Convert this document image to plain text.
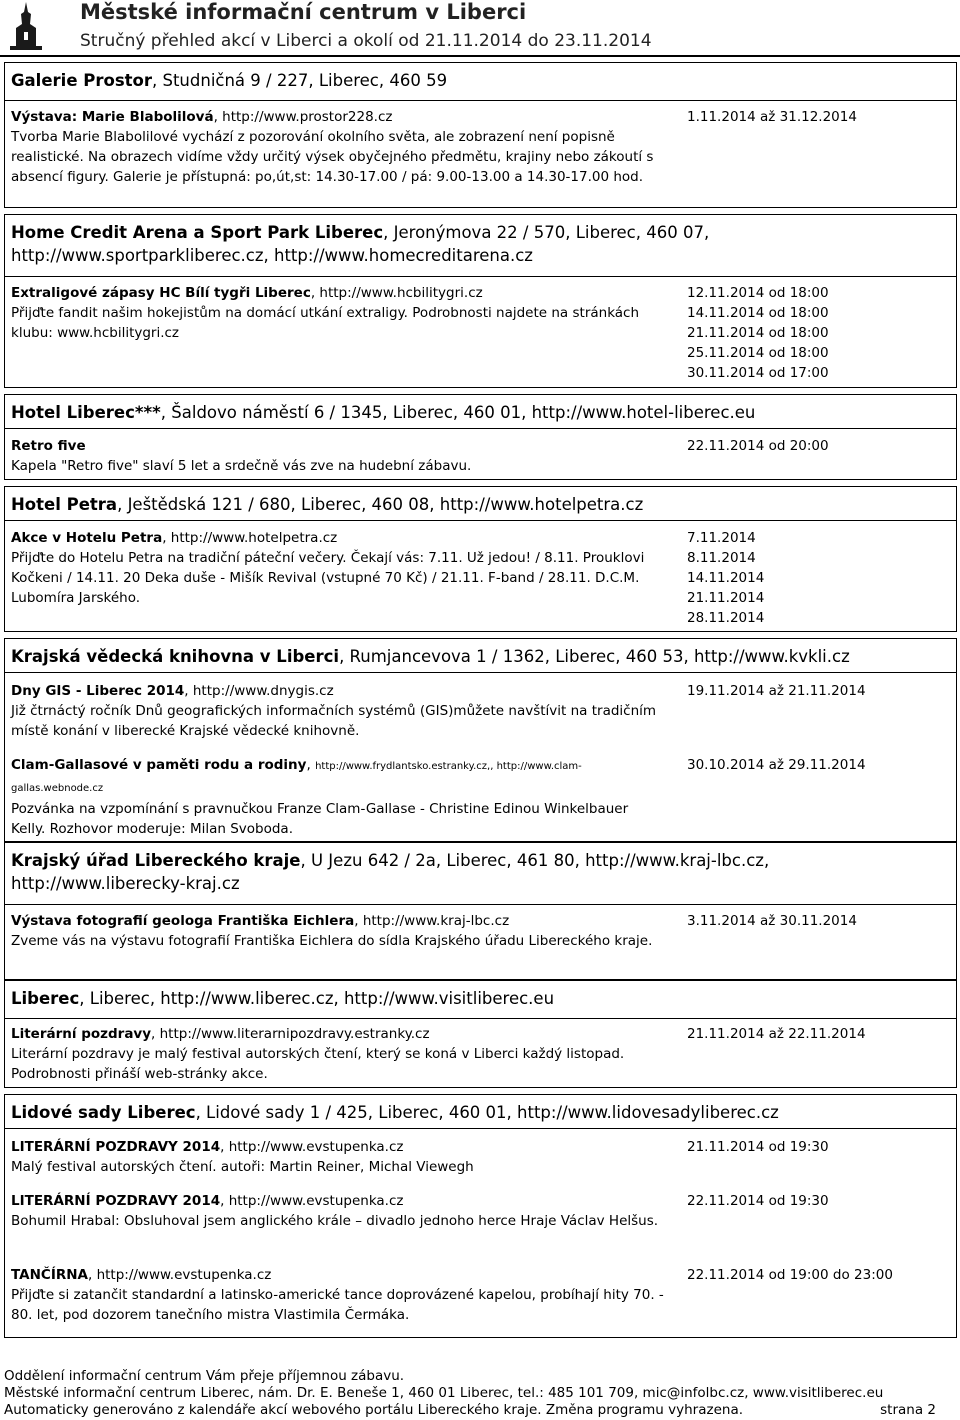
Městské informační centrum v Liberci
Stručný přehled akcí v Liberci a okolí od 21.11.2014 do 23.11.2014
Galerie Prostor, Studničná 9 / 227, Liberec, 460 59
Výstava: Marie Blabolilová, http://www.prostor228.cz
Tvorba Marie Blabolilové vychází z pozorování okolního světa, ale zobrazení není popisně realistické. Na obrazech vidíme vždy určitý výsek obyčejného předmětu, krajiny nebo zákoutí s absencí figury. Galerie je přístupná: po,út,st: 14.30-17.00 / pá: 9.00-13.00 a 14.30-17.00 hod.
1.11.2014 až 31.12.2014
Home Credit Arena a Sport Park Liberec, Jeronýmova 22 / 570, Liberec, 460 07, http://www.sportparkliberec.cz, http://www.homecreditarena.cz
Extraligové zápasy HC Bílí tygři Liberec, http://www.hcbilitygri.cz
Přijďte fandit našim hokejistům na domácí utkání extraligy. Podrobnosti najdete na stránkách klubu: www.hcbilitygri.cz
12.11.2014 od 18:00
14.11.2014 od 18:00
21.11.2014 od 18:00
25.11.2014 od 18:00
30.11.2014 od 17:00
Hotel Liberec***, Šaldovo náměstí 6 / 1345, Liberec, 460 01, http://www.hotel-liberec.eu
Retro five
Kapela "Retro five" slaví 5 let a srdečně vás zve na hudební zábavu.
22.11.2014 od 20:00
Hotel Petra, Ještědská 121 / 680, Liberec, 460 08, http://www.hotelpetra.cz
Akce v Hotelu Petra, http://www.hotelpetra.cz
Přijďte do Hotelu Petra na tradiční páteční večery. Čekají vás: 7.11. Už jedou! / 8.11. Prouklovi Kočkeni / 14.11. 20 Deka duše - Mišík Revival (vstupné 70 Kč) / 21.11. F-band / 28.11. D.C.M. Lubomíra Jarského.
7.11.2014
8.11.2014
14.11.2014
21.11.2014
28.11.2014
Krajská vědecká knihovna v Liberci, Rumjancevova 1 / 1362, Liberec, 460 53, http://www.kvkli.cz
Dny GIS - Liberec 2014, http://www.dnygis.cz
Již čtrnáctý ročník Dnů geografických informačních systémů (GIS)můžete navštívit na tradičním místě konání v liberecké Krajské vědecké knihovně.
19.11.2014 až 21.11.2014
Clam-Gallasové v paměti rodu a rodiny, http://www.frydlantsko.estranky.cz,, http://www.clam-gallas.webnode.cz
Pozvánka na vzpomínání s pravnučkou Franze Clam-Gallase - Christine Edinou Winkelbauer Kelly. Rozhovor moderuje: Milan Svoboda.
30.10.2014 až 29.11.2014
Krajský úřad Libereckého kraje, U Jezu 642 / 2a, Liberec, 461 80, http://www.kraj-lbc.cz, http://www.liberecky-kraj.cz
Výstava fotografií geologa Františka Eichlera, http://www.kraj-lbc.cz
Zveme vás na výstavu fotografií Františka Eichlera do sídla Krajského úřadu Libereckého kraje.
3.11.2014 až 30.11.2014
Liberec, Liberec, http://www.liberec.cz, http://www.visitliberec.eu
Literární pozdravy, http://www.literarnipozdravy.estranky.cz
Literární pozdravy je malý festival autorských čtení, který se koná v Liberci každý listopad. Podrobnosti přináší web-stránky akce.
21.11.2014 až 22.11.2014
Lidové sady Liberec, Lidové sady 1 / 425, Liberec, 460 01, http://www.lidovesadyliberec.cz
LITERÁRNÍ POZDRAVY 2014, http://www.evstupenka.cz
Malý festival autorských čtení. autoři: Martin Reiner, Michal Viewegh
21.11.2014 od 19:30
LITERÁRNÍ POZDRAVY 2014, http://www.evstupenka.cz
Bohumil Hrabal: Obsluhoval jsem anglického krále – divadlo jednoho herce Hraje Václav Helšus.
22.11.2014 od 19:30
TANČÍRNA, http://www.evstupenka.cz
Přijďte si zatančit standardní a latinsko-americké tance doprovázené kapelou, probíhají hity 70. - 80. let, pod dozorem tanečního mistra Vlastimila Čermáka.
22.11.2014 od 19:00 do 23:00
Oddělení informační centrum Vám přeje příjemnou zábavu.
Městské informační centrum Liberec, nám. Dr. E. Beneše 1, 460 01 Liberec, tel.: 485 101 709, mic@infolbc.cz, www.visitliberec.eu
Automaticky generováno z kalendáře akcí webového portálu Libereckého kraje. Změna programu vyhrazena.	strana 2
